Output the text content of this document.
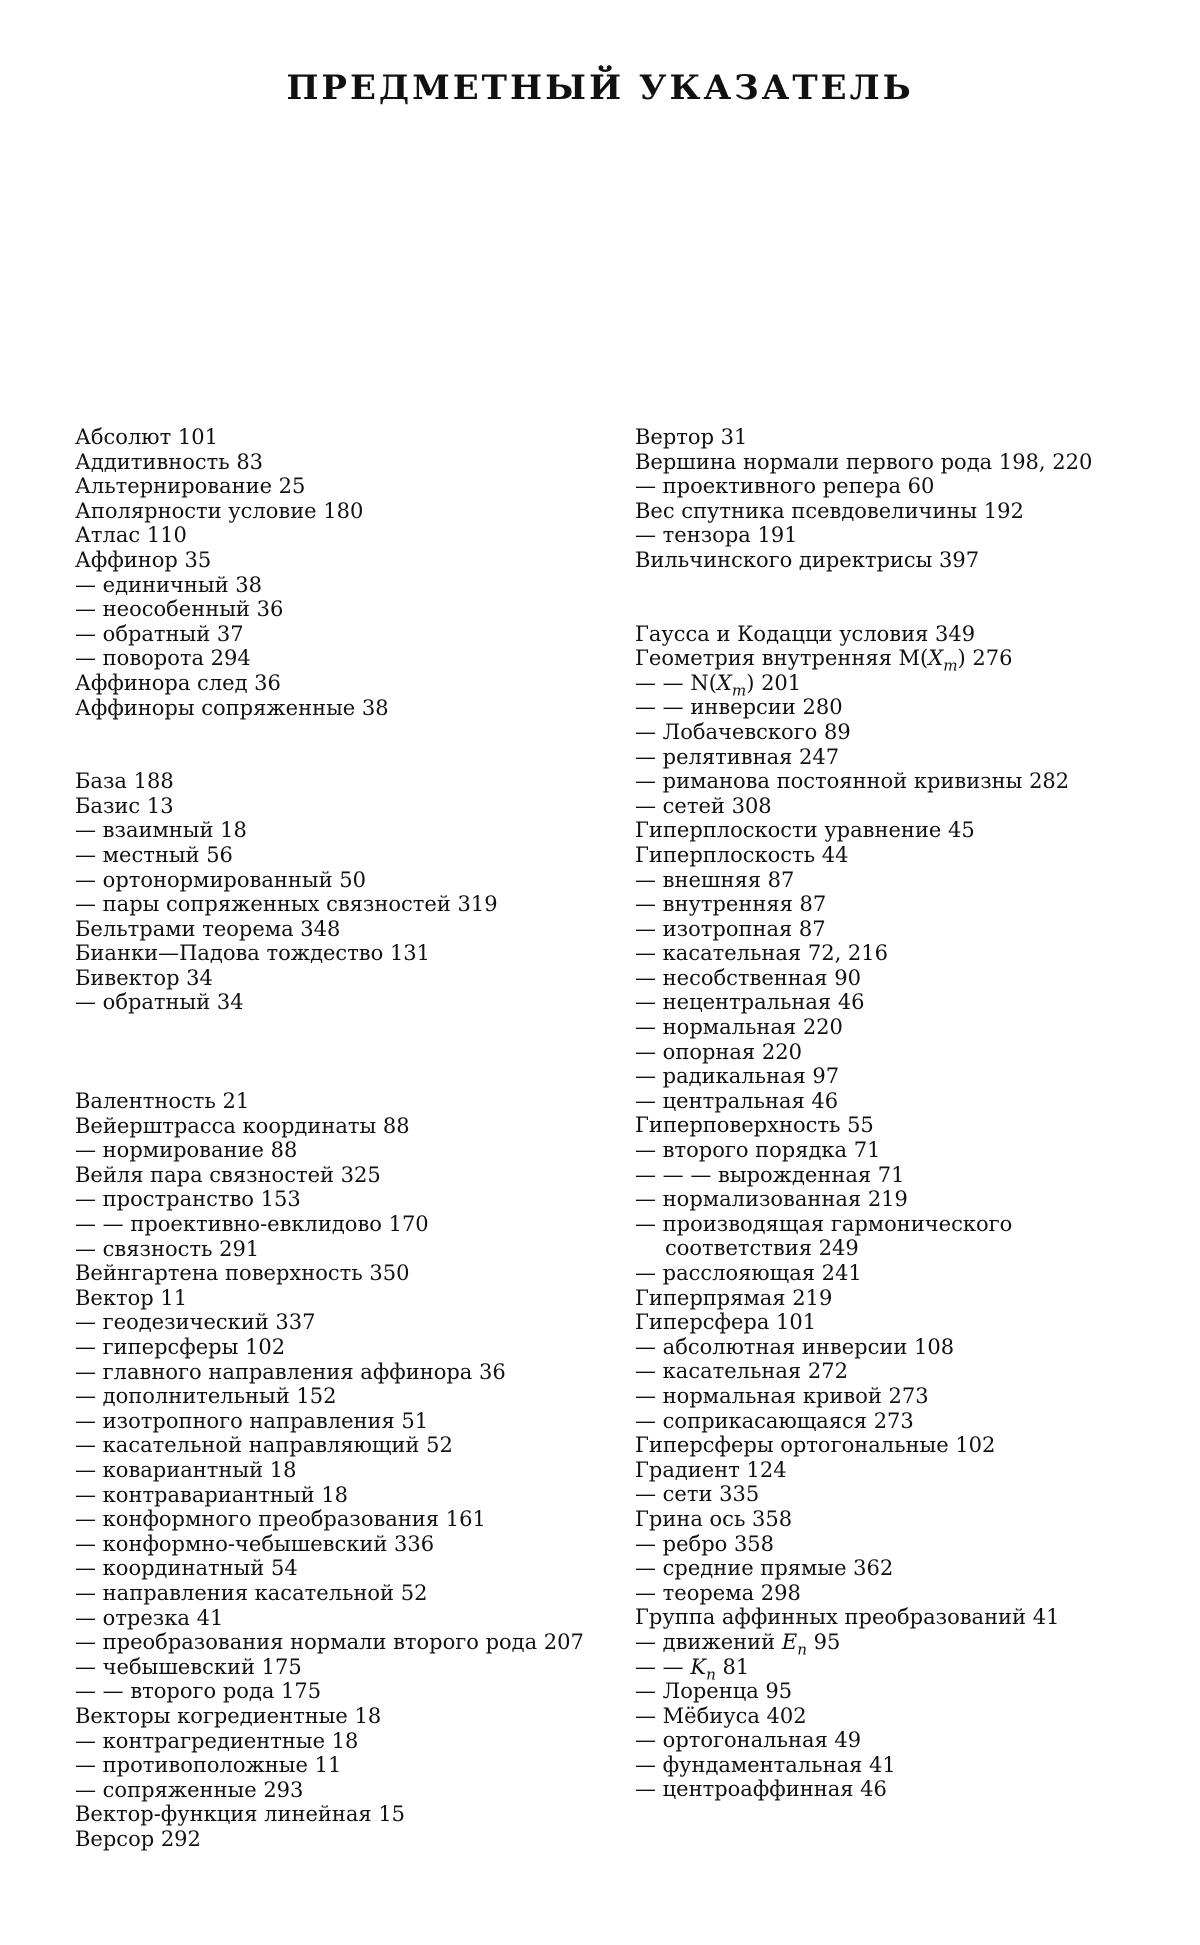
ПРЕДМЕТНЫЙ УКАЗАТЕЛЬ
Абсолют 101
Аддитивность 83
Альтернирование 25
Аполярности условие 180
Атлас 110
Аффинор 35
— единичный 38
— неособенный 36
— обратный 37
— поворота 294
Аффинора след 36
Аффиноры сопряженные 38
База 188
Базис 13
— взаимный 18
— местный 56
— ортонормированный 50
— пары сопряженных связностей 319
Бельтрами теорема 348
Бианки—Падова тождество 131
Бивектор 34
— обратный 34
Валентность 21
Вейерштрасса координаты 88
— нормирование 88
Вейля пара связностей 325
— пространство 153
— — проективно-евклидово 170
— связность 291
Вейнгартена поверхность 350
Вектор 11
— геодезический 337
— гиперсферы 102
— главного направления аффинора 36
— дополнительный 152
— изотропного направления 51
— касательной направляющий 52
— ковариантный 18
— контравариантный 18
— конформного преобразования 161
— конформно-чебышевский 336
— координатный 54
— направления касательной 52
— отрезка 41
— преобразования нормали второго рода 207
— чебышевский 175
— — второго рода 175
Векторы когредиентные 18
— контрагредиентные 18
— противоположные 11
— сопряженные 293
Вектор-функция линейная 15
Версор 292
Вертор 31
Вершина нормали первого рода 198, 220
— проективного репера 60
Вес спутника псевдовеличины 192
— тензора 191
Вильчинского директрисы 397
Гаусса и Кодацци условия 349
Геометрия внутренняя $M(X_m)$ 276
— — $N(X_m)$ 201
— — инверсии 280
— Лобачевского 89
— релятивная 247
— риманова постоянной кривизны 282
— сетей 308
Гиперплоскости уравнение 45
Гиперплоскость 44
— внешняя 87
— внутренняя 87
— изотропная 87
— касательная 72, 216
— несобственная 90
— нецентральная 46
— нормальная 220
— опорная 220
— радикальная 97
— центральная 46
Гиперповерхность 55
— второго порядка 71
— — — вырожденная 71
— нормализованная 219
— производящая гармонического соответствия 249
— расслояющая 241
Гиперпрямая 219
Гиперсфера 101
— абсолютная инверсии 108
— касательная 272
— нормальная кривой 273
— соприкасающаяся 273
Гиперсферы ортогональные 102
Градиент 124
— сети 335
Грина ось 358
— ребро 358
— средние прямые 362
— теорема 298
Группа аффинных преобразований 41
— движений $E_n$ 95
— — $K_n$ 81
— Лоренца 95
— Мёбиуса 402
— ортогональная 49
— фундаментальная 41
— центроаффинная 46
